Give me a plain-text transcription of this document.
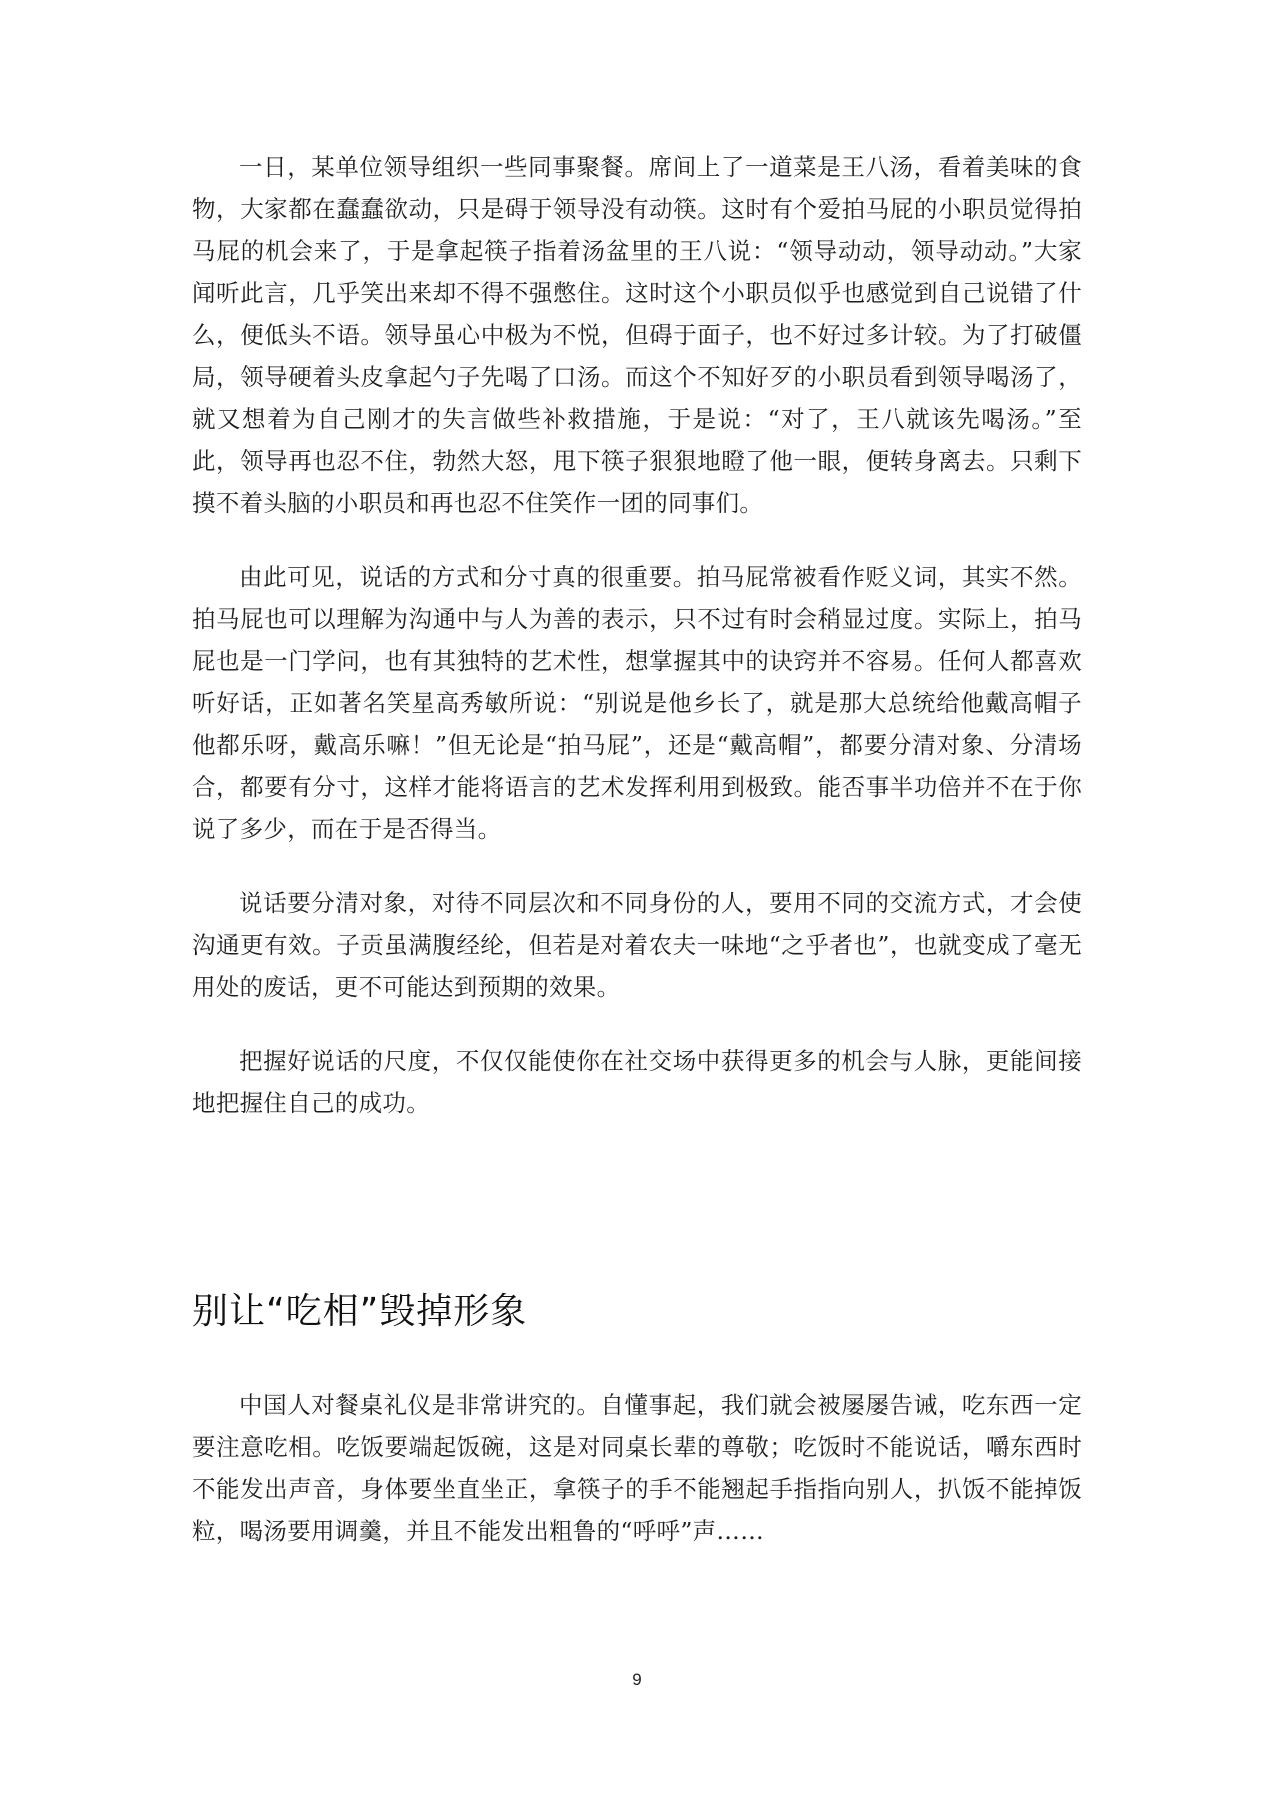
一日，某单位领导组织一些同事聚餐。席间上了一道菜是王八汤，看着美味的食物，大家都在蠢蠢欲动，只是碍于领导没有动筷。这时有个爱拍马屁的小职员觉得拍马屁的机会来了，于是拿起筷子指着汤盆里的王八说：“领导动动，领导动动。”大家闻听此言，几乎笑出来却不得不强憋住。这时这个小职员似乎也感觉到自己说错了什么，便低头不语。领导虽心中极为不悦，但碍于面子，也不好过多计较。为了打破僵局，领导硬着头皮拿起勺子先喝了口汤。而这个不知好歹的小职员看到领导喝汤了，就又想着为自己刚才的失言做些补救措施，于是说：“对了，王八就该先喝汤。”至此，领导再也忍不住，勃然大怒，甩下筷子狠狠地瞪了他一眼，便转身离去。只剩下摸不着头脑的小职员和再也忍不住笑作一团的同事们。

由此可见，说话的方式和分寸真的很重要。拍马屁常被看作贬义词，其实不然。拍马屁也可以理解为沟通中与人为善的表示，只不过有时会稍显过度。实际上，拍马屁也是一门学问，也有其独特的艺术性，想掌握其中的诀窍并不容易。任何人都喜欢听好话，正如著名笑星高秀敏所说：“别说是他乡长了，就是那大总统给他戴高帽子他都乐呀，戴高乐嘛！”但无论是“拍马屁”，还是“戴高帽”，都要分清对象、分清场合，都要有分寸，这样才能将语言的艺术发挥利用到极致。能否事半功倍并不在于你说了多少，而在于是否得当。

说话要分清对象，对待不同层次和不同身份的人，要用不同的交流方式，才会使沟通更有效。子贡虽满腹经纶，但若是对着农夫一味地“之乎者也”，也就变成了毫无用处的废话，更不可能达到预期的效果。

把握好说话的尺度，不仅仅能使你在社交场中获得更多的机会与人脉，更能间接地把握住自己的成功。

别让“吃相”毁掉形象

中国人对餐桌礼仪是非常讲究的。自懂事起，我们就会被屡屡告诫，吃东西一定要注意吃相。吃饭要端起饭碗，这是对同桌长辈的尊敬；吃饭时不能说话，嚼东西时不能发出声音，身体要坐直坐正，拿筷子的手不能翘起手指指向别人，扒饭不能掉饭粒，喝汤要用调羹，并且不能发出粗鲁的“呼呼”声……

9
